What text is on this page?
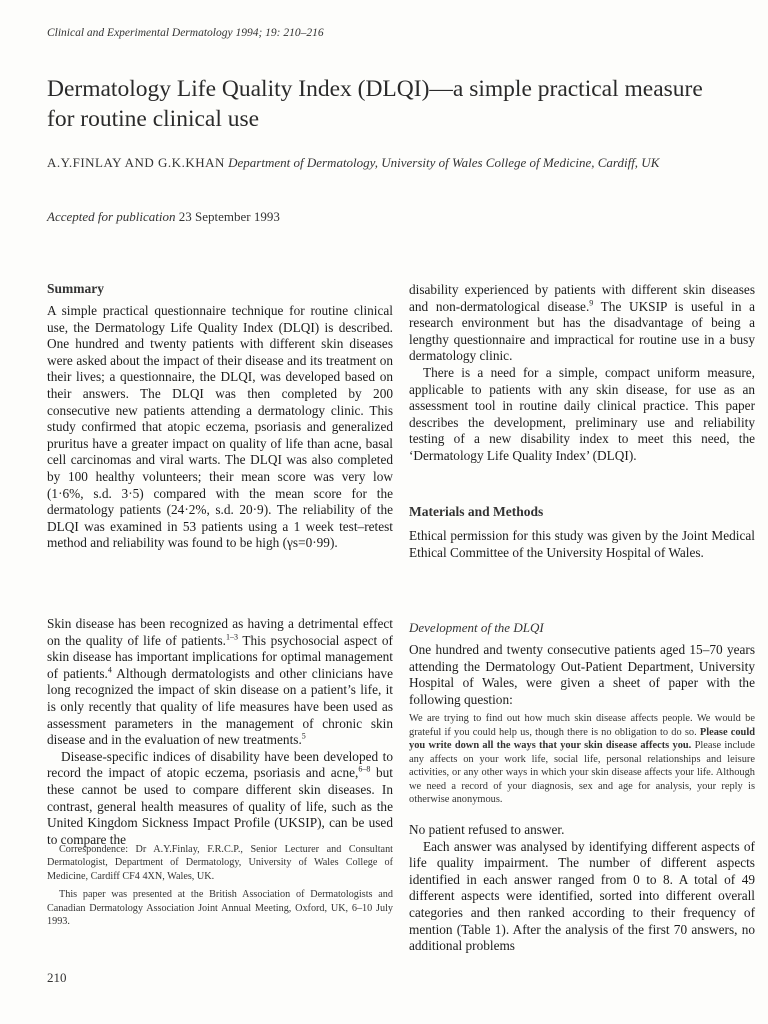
Clinical and Experimental Dermatology 1994; 19: 210–216
Dermatology Life Quality Index (DLQI)—a simple practical measure for routine clinical use
A.Y.FINLAY AND G.K.KHAN Department of Dermatology, University of Wales College of Medicine, Cardiff, UK
Accepted for publication 23 September 1993
Summary

A simple practical questionnaire technique for routine clinical use, the Dermatology Life Quality Index (DLQI) is described. One hundred and twenty patients with different skin diseases were asked about the impact of their disease and its treatment on their lives; a questionnaire, the DLQI, was developed based on their answers. The DLQI was then completed by 200 consecutive new patients attending a dermatology clinic. This study confirmed that atopic eczema, psoriasis and generalized pruritus have a greater impact on quality of life than acne, basal cell carcinomas and viral warts. The DLQI was also completed by 100 healthy volunteers; their mean score was very low (1·6%, s.d. 3·5) compared with the mean score for the dermatology patients (24·2%, s.d. 20·9). The reliability of the DLQI was examined in 53 patients using a 1 week test–retest method and reliability was found to be high (γs=0·99).

Skin disease has been recognized as having a detrimental effect on the quality of life of patients.$^{1-3}$ This psychosocial aspect of skin disease has important implications for optimal management of patients.$^4$ Although dermatologists and other clinicians have long recognized the impact of skin disease on a patient’s life, it is only recently that quality of life measures have been used as assessment parameters in the management of chronic skin disease and in the evaluation of new treatments.$^5$

Disease-specific indices of disability have been developed to record the impact of atopic eczema, psoriasis and acne,$^{6-8}$ but these cannot be used to compare different skin diseases. In contrast, general health measures of quality of life, such as the United Kingdom Sickness Impact Profile (UKSIP), can be used to compare the

Correspondence: Dr A.Y.Finlay, F.R.C.P., Senior Lecturer and Consultant Dermatologist, Department of Dermatology, University of Wales College of Medicine, Cardiff CF4 4XN, Wales, UK.

This paper was presented at the British Association of Dermatologists and Canadian Dermatology Association Joint Annual Meeting, Oxford, UK, 6–10 July 1993.

210

disability experienced by patients with different skin diseases and non-dermatological disease.$^9$ The UKSIP is useful in a research environment but has the disadvantage of being a lengthy questionnaire and impractical for routine use in a busy dermatology clinic.

There is a need for a simple, compact uniform measure, applicable to patients with any skin disease, for use as an assessment tool in routine daily clinical practice. This paper describes the development, preliminary use and reliability testing of a new disability index to meet this need, the ‘Dermatology Life Quality Index’ (DLQI).

Materials and Methods

Ethical permission for this study was given by the Joint Medical Ethical Committee of the University Hospital of Wales.

Development of the DLQI

One hundred and twenty consecutive patients aged 15–70 years attending the Dermatology Out-Patient Department, University Hospital of Wales, were given a sheet of paper with the following question:

We are trying to find out how much skin disease affects people. We would be grateful if you could help us, though there is no obligation to do so. Please could you write down all the ways that your skin disease affects you. Please include any affects on your work life, social life, personal relationships and leisure activities, or any other ways in which your skin disease affects your life. Although we need a record of your diagnosis, sex and age for analysis, your reply is otherwise anonymous.

No patient refused to answer.

Each answer was analysed by identifying different aspects of life quality impairment. The number of different aspects identified in each answer ranged from 0 to 8. A total of 49 different aspects were identified, sorted into different overall categories and then ranked according to their frequency of mention (Table 1). After the analysis of the first 70 answers, no additional problems
